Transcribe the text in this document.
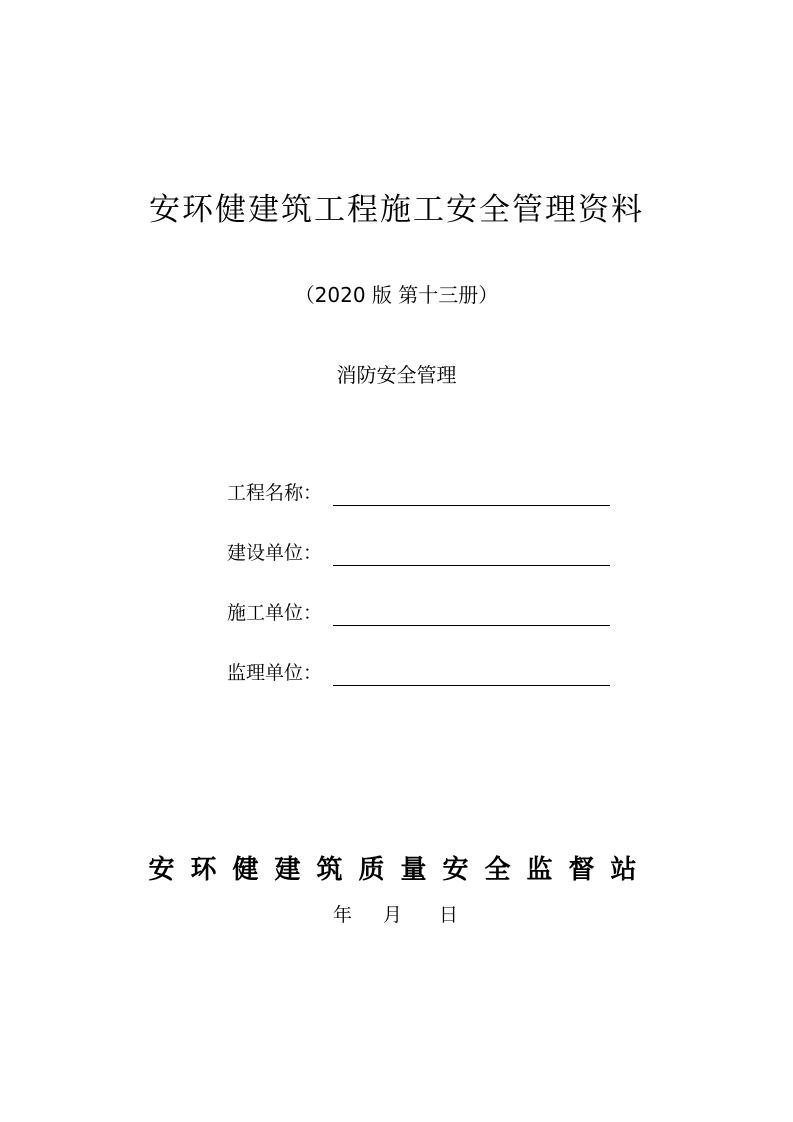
安环健建筑工程施工安全管理资料
（2020 版 第十三册）
消防安全管理
工程名称：
建设单位：
施工单位：
监理单位：
安环健建筑质量安全监督站
年 月 日
